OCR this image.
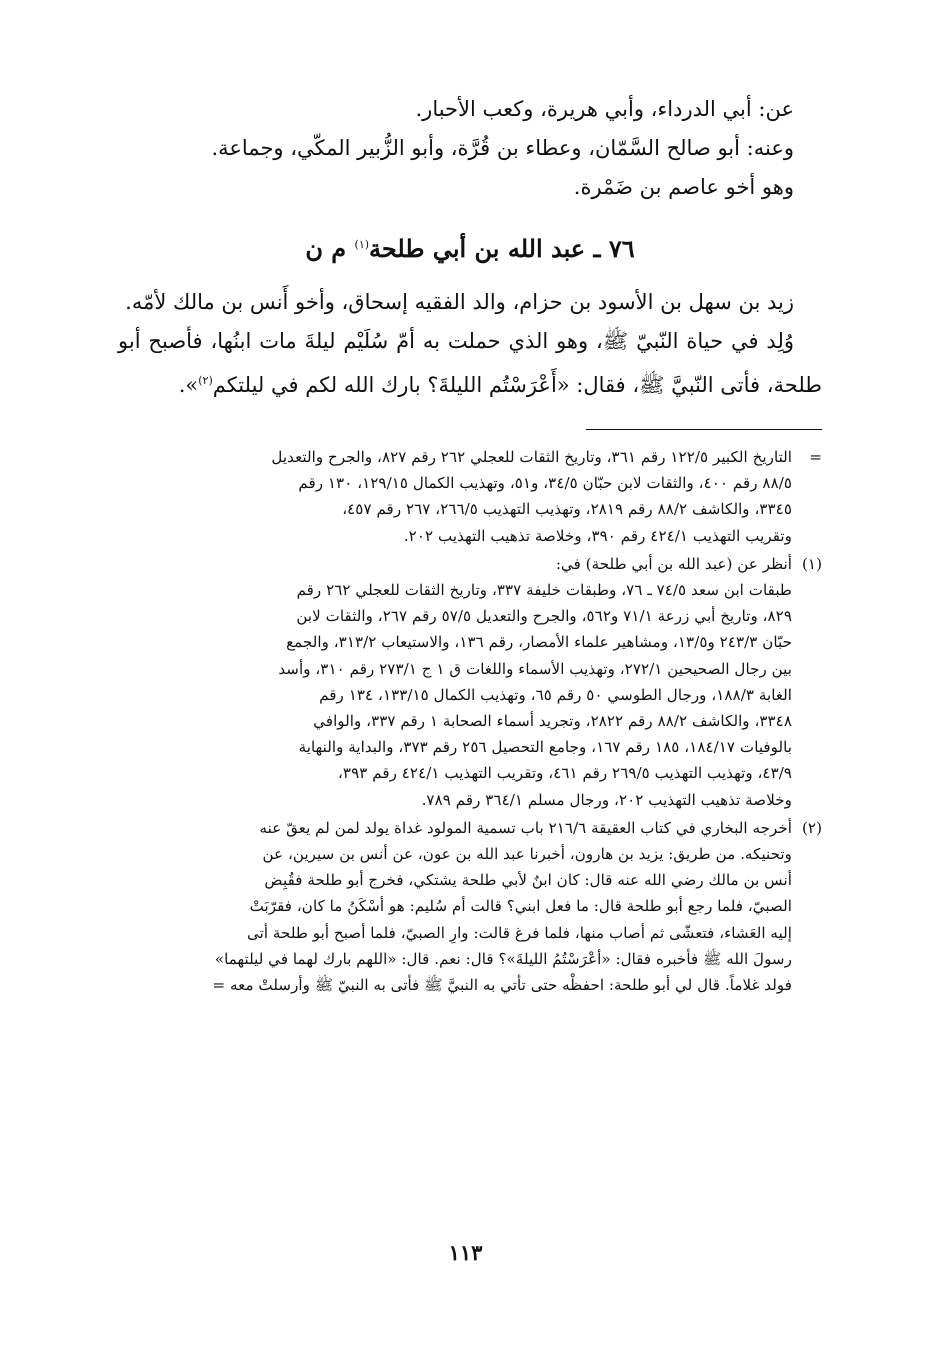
عن: أبي الدرداء، وأبي هريرة، وكعب الأحبار.

وعنه: أبو صالح السَّمّان، وعطاء بن قُرَّة، وأبو الزُّبير المكّي، وجماعة.

وهو أخو عاصم بن ضَمْرة.

٧٦ ـ عبد الله بن أبي طلحة$^{(١)}$ م ن

زيد بن سهل بن الأسود بن حزام، والد الفقيه إسحاق، وأخو أَنس بن مالك لأمّه.

وُلِد في حياة النّبيّ ﷺ، وهو الذي حملت به أمّ سُلَيْم ليلةَ مات ابنُها، فأصبح أبو طلحة، فأتى النّبيَّ ﷺ، فقال: «أَعْرَسْتُم الليلةَ؟ بارك الله لكم في ليلتكم$^{(٢)}$».

=
التاريخ الكبير ١٢٢/٥ رقم ٣٦١، وتاريخ الثقات للعجلي ٢٦٢ رقم ٨٢٧، والجرح والتعديل
٨٨/٥ رقم ٤٠٠، والثقات لابن حبّان ٣٤/٥، و٥١، وتهذيب الكمال ١٢٩/١٥، ١٣٠ رقم
٣٣٤٥، والكاشف ٨٨/٢ رقم ٢٨١٩، وتهذيب التهذيب ٢٦٦/٥، ٢٦٧ رقم ٤٥٧،
وتقريب التهذيب ٤٢٤/١ رقم ٣٩٠، وخلاصة تذهيب التهذيب ٢٠٢.
(١)
أنظر عن (عبد الله بن أبي طلحة) في:
طبقات ابن سعد ٧٤/٥ ـ ٧٦، وطبقات خليفة ٣٣٧، وتاريخ الثقات للعجلي ٢٦٢ رقم
٨٢٩، وتاريخ أبي زرعة ٧١/١ و٥٦٢، والجرح والتعديل ٥٧/٥ رقم ٢٦٧، والثقات لابن
حبّان ٢٤٣/٣ و١٣/٥، ومشاهير علماء الأمصار، رقم ١٣٦، والاستيعاب ٣١٣/٢، والجمع
بين رجال الصحيحين ٢٧٢/١، وتهذيب الأسماء واللغات ق ١ ج ٢٧٣/١ رقم ٣١٠، وأسد
الغابة ١٨٨/٣، ورجال الطوسي ٥٠ رقم ٦٥، وتهذيب الكمال ١٣٣/١٥، ١٣٤ رقم
٣٣٤٨، والكاشف ٨٨/٢ رقم ٢٨٢٢، وتجريد أسماء الصحابة ١ رقم ٣٣٧، والوافي
بالوفيات ١٨٤/١٧، ١٨٥ رقم ١٦٧، وجامع التحصيل ٢٥٦ رقم ٣٧٣، والبداية والنهاية
٤٣/٩، وتهذيب التهذيب ٢٦٩/٥ رقم ٤٦١، وتقريب التهذيب ٤٢٤/١ رقم ٣٩٣،
وخلاصة تذهيب التهذيب ٢٠٢، ورجال مسلم ٣٦٤/١ رقم ٧٨٩.
(٢)
أخرجه البخاري في كتاب العقيقة ٢١٦/٦ باب تسمية المولود غداة يولد لمن لم يعقّ عنه
وتحنيكه. من طريق: يزيد بن هارون، أخبرنا عبد الله بن عون، عن أنس بن سيرين، عن
أنس بن مالك رضي الله عنه قال: كان ابنٌ لأبي طلحة يشتكي، فخرج أبو طلحة فقُبِض
الصبيّ، فلما رجع أبو طلحة قال: ما فعل ابني؟ قالت أم سُليم: هو أسْكَنُ ما كان، فقرّبَتْ
إليه العَشاء، فتعشّى ثم أصاب منها، فلما فرغ قالت: وارِ الصبيّ، فلما أصبح أبو طلحة أتى
رسولَ الله ﷺ فأخبره فقال: «أعْرَسْتُمُ الليلةَ»؟ قال: نعم. قال: «اللهم بارك لهما في ليلتهما»
فولد غلاماً. قال لي أبو طلحة: احفظْه حتى تأتي به النبيَّ ﷺ فأتى به النبيّ ﷺ وأرسلتْ معه =
١١٣
